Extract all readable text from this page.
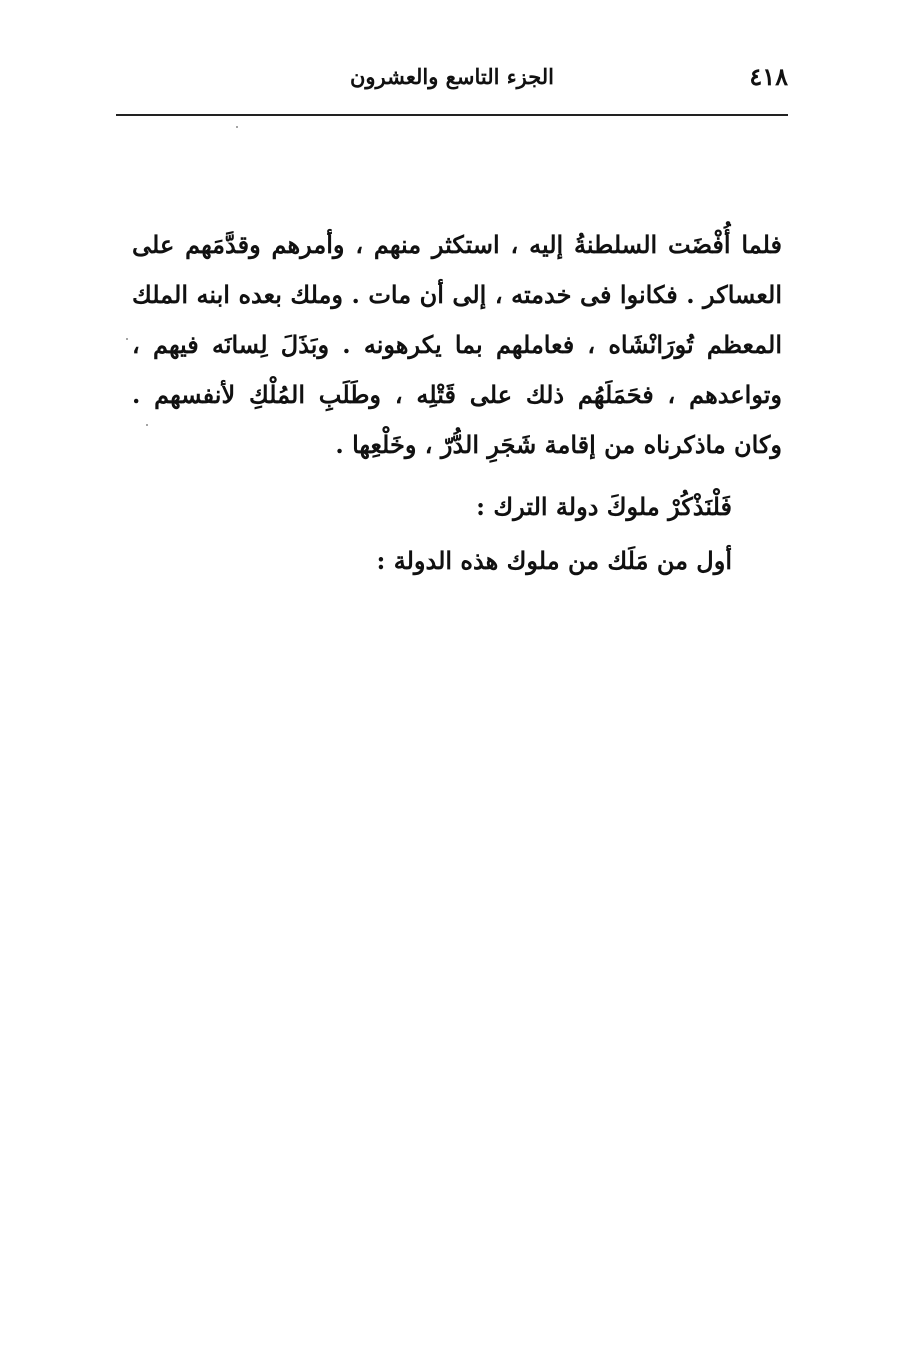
٤١٨
الجزء التاسع والعشرون

فلما أُفْضَت السلطنةُ إليه ، استكثر منهم ، وأمرهم وقدَّمَهم على العساكر . فكانوا فى خدمته ، إلى أن مات . وملك بعده ابنه الملك المعظم تُورَانْشَاه ، فعاملهم بما يكرهونه . وبَذَلَ لِسانَه فيهم ، وتواعدهم ، فحَمَلَهُم ذلك على قَتْلِه ، وطَلَبِ المُلْكِ لأنفسهم . وكان ماذكرناه من إقامة شَجَرِ الدُّرّ ، وخَلْعِها .

فَلْنَذْكُرْ ملوكَ دولة الترك :

أول من مَلَك من ملوك هذه الدولة :
